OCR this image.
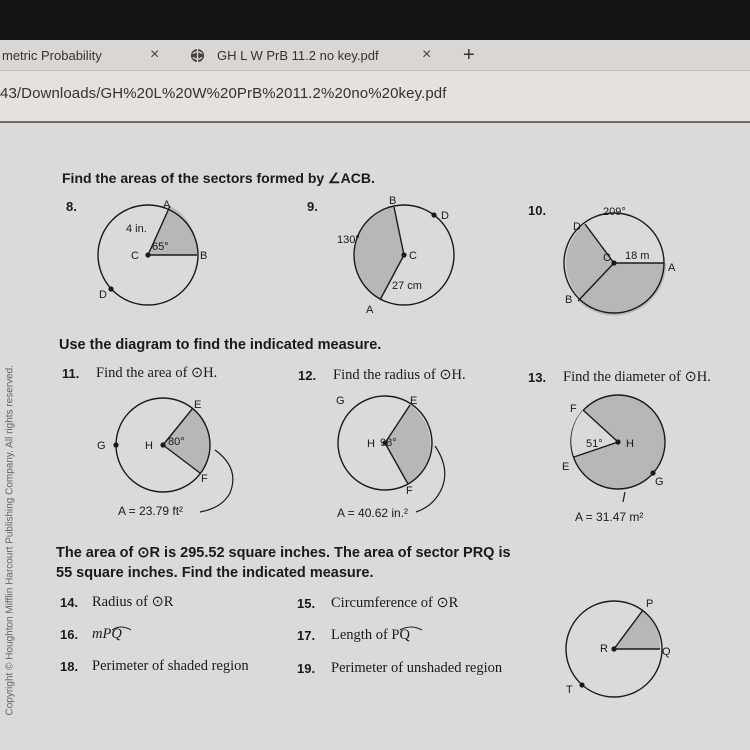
metric Probability	×	GH L W PrB 11.2 no key.pdf	× +
43/Downloads/GH%20L%20W%20PrB%2011.2%20no%20key.pdf
Find the areas of the sectors formed by ∠ACB.
8.	9.	10.
A
B
C
D
4 in.
65°
B
D
C
A
130°
27 cm
209°
D
C 18 m
A
B
Use the diagram to find the indicated measure.
11. Find the area of ⊙H.	12. Find the radius of ⊙H.	13. Find the diameter of ⊙H.
E
F
G	H 80°
G	E
F
H 98°
F
E
G
H
51°
A = 23.79 ft²	A = 40.62 in.²	A = 31.47 m²
The area of ⊙R is 295.52 square inches. The area of sector PRQ is
55 square inches. Find the indicated measure.
14. Radius of ⊙R	15. Circumference of ⊙R
16. mPQ	17. Length of PQ
18. Perimeter of shaded region	19. Perimeter of unshaded region
P
Q
R
T
Copyright © Houghton Mifflin Harcourt Publishing Company. All rights reserved.
